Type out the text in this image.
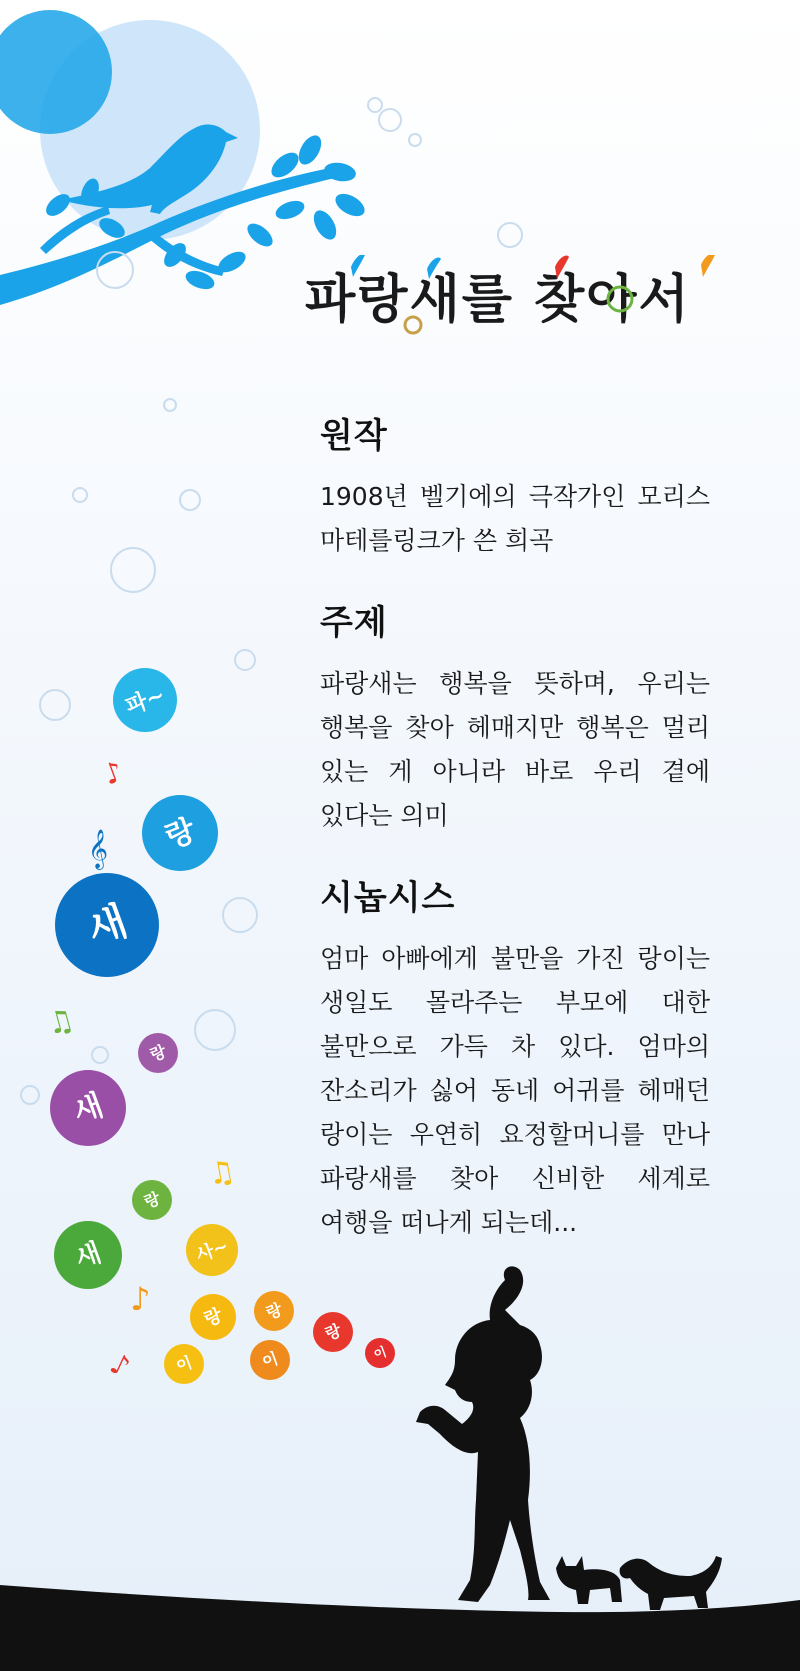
파랑새를 찾아서
원작

1908년 벨기에의 극작가인 모리스 마테를링크가 쓴 희곡

주제

파랑새는 행복을 뜻하며, 우리는 행복을 찾아 헤매지만 행복은 멀리 있는 게 아니라 바로 우리 곁에 있다는 의미

시놉시스

엄마 아빠에게 불만을 가진 랑이는 생일도 몰라주는 부모에 대한 불만으로 가득 차 있다. 엄마의 잔소리가 싫어 동네 어귀를 헤매던 랑이는 우연히 요정할머니를 만나 파랑새를 찾아 신비한 세계로 여행을 떠나게 되는데...

파~
랑
새
랑
새
랑
새	사~
랑 랑
랑
이	이	이
♪
𝄞
♫
♫
♪
♪
